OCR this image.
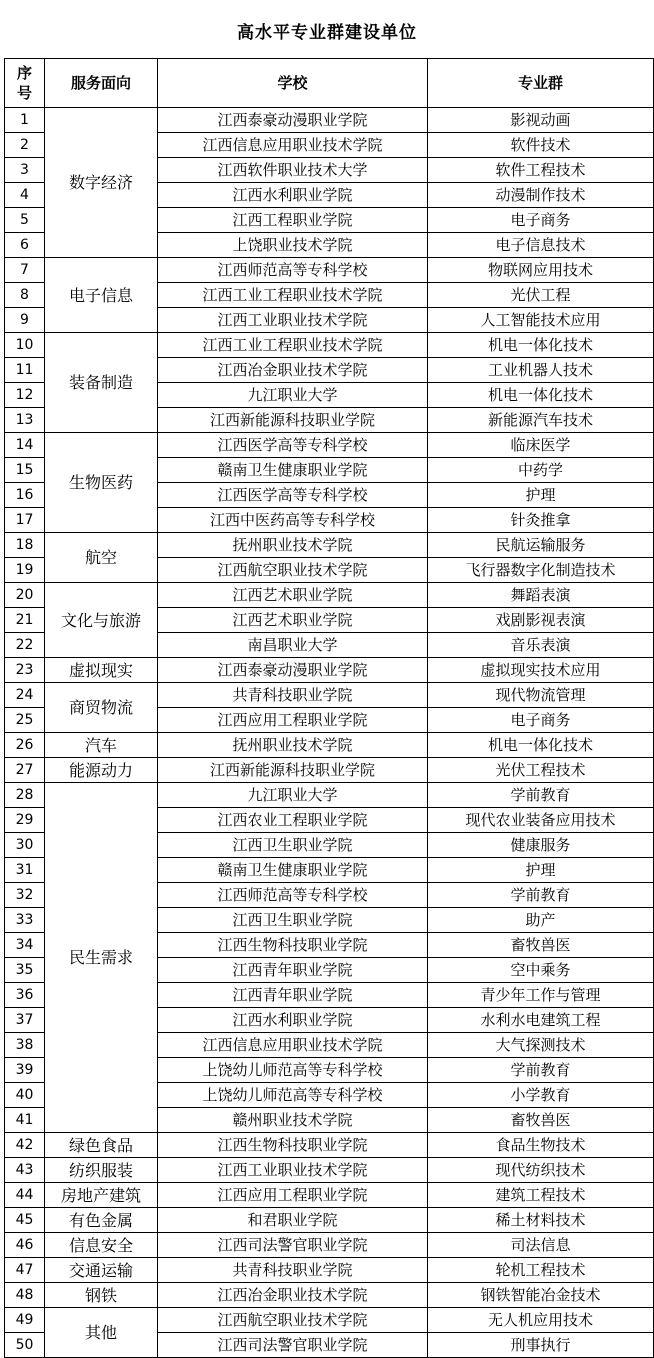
高水平专业群建设单位
序
号	服务面向	学校	专业群
1	数字经济	江西泰豪动漫职业学院	影视动画
2		江西信息应用职业技术学院	软件技术
3		江西软件职业技术大学	软件工程技术
4		江西水利职业学院	动漫制作技术
5		江西工程职业学院	电子商务
6		上饶职业技术学院	电子信息技术
7	电子信息	江西师范高等专科学校	物联网应用技术
8		江西工业工程职业技术学院	光伏工程
9		江西工业职业技术学院	人工智能技术应用
10	装备制造	江西工业工程职业技术学院	机电一体化技术
11		江西冶金职业技术学院	工业机器人技术
12		九江职业大学	机电一体化技术
13		江西新能源科技职业学院	新能源汽车技术
14	生物医药	江西医学高等专科学校	临床医学
15		赣南卫生健康职业学院	中药学
16		江西医学高等专科学校	护理
17		江西中医药高等专科学校	针灸推拿
18	航空	抚州职业技术学院	民航运输服务
19		江西航空职业技术学院	飞行器数字化制造技术
20	文化与旅游	江西艺术职业学院	舞蹈表演
21		江西艺术职业学院	戏剧影视表演
22		南昌职业大学	音乐表演
23	虚拟现实	江西泰豪动漫职业学院	虚拟现实技术应用
24	商贸物流	共青科技职业学院	现代物流管理
25		江西应用工程职业学院	电子商务
26	汽车	抚州职业技术学院	机电一体化技术
27	能源动力	江西新能源科技职业学院	光伏工程技术
28	民生需求	九江职业大学	学前教育
29		江西农业工程职业学院	现代农业装备应用技术
30		江西卫生职业学院	健康服务
31		赣南卫生健康职业学院	护理
32		江西师范高等专科学校	学前教育
33		江西卫生职业学院	助产
34		江西生物科技职业学院	畜牧兽医
35		江西青年职业学院	空中乘务
36		江西青年职业学院	青少年工作与管理
37		江西水利职业学院	水利水电建筑工程
38		江西信息应用职业技术学院	大气探测技术
39		上饶幼儿师范高等专科学校	学前教育
40		上饶幼儿师范高等专科学校	小学教育
41		赣州职业技术学院	畜牧兽医
42	绿色食品	江西生物科技职业学院	食品生物技术
43	纺织服装	江西工业职业技术学院	现代纺织技术
44	房地产建筑	江西应用工程职业学院	建筑工程技术
45	有色金属	和君职业学院	稀土材料技术
46	信息安全	江西司法警官职业学院	司法信息
47	交通运输	共青科技职业学院	轮机工程技术
48	钢铁	江西冶金职业技术学院	钢铁智能冶金技术
49	其他	江西航空职业技术学院	无人机应用技术
50		江西司法警官职业学院	刑事执行
